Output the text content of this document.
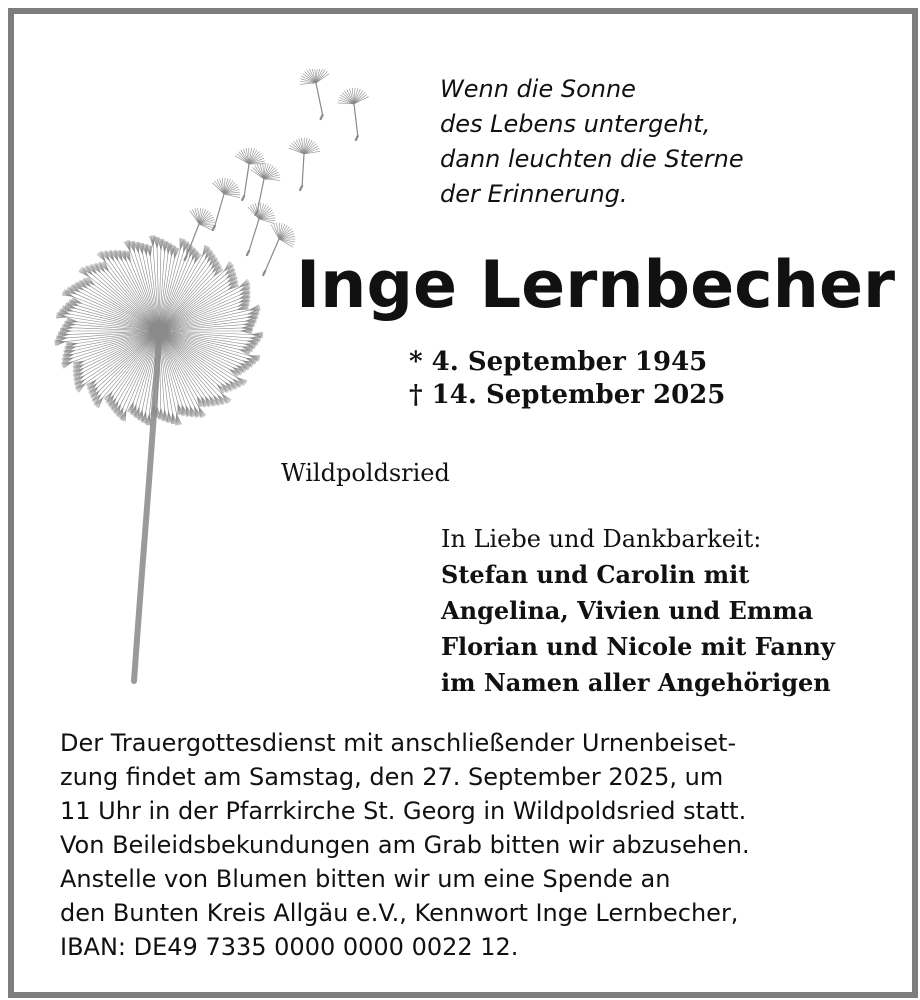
Wenn die Sonne
des Lebens untergeht,
dann leuchten die Sterne
der Erinnerung.
Inge Lernbecher
* 4. September 1945
† 14. September 2025
Wildpoldsried
In Liebe und Dankbarkeit:
Stefan und Carolin mit
Angelina, Vivien und Emma
Florian und Nicole mit Fanny
im Namen aller Angehörigen
Der Trauergottesdienst mit anschließender Urnenbeiset-
zung findet am Samstag, den 27. September 2025, um
11 Uhr in der Pfarrkirche St. Georg in Wildpoldsried statt.
Von Beileidsbekundungen am Grab bitten wir abzusehen.
Anstelle von Blumen bitten wir um eine Spende an
den Bunten Kreis Allgäu e.V., Kennwort Inge Lernbecher,
IBAN: DE49 7335 0000 0000 0022 12.
